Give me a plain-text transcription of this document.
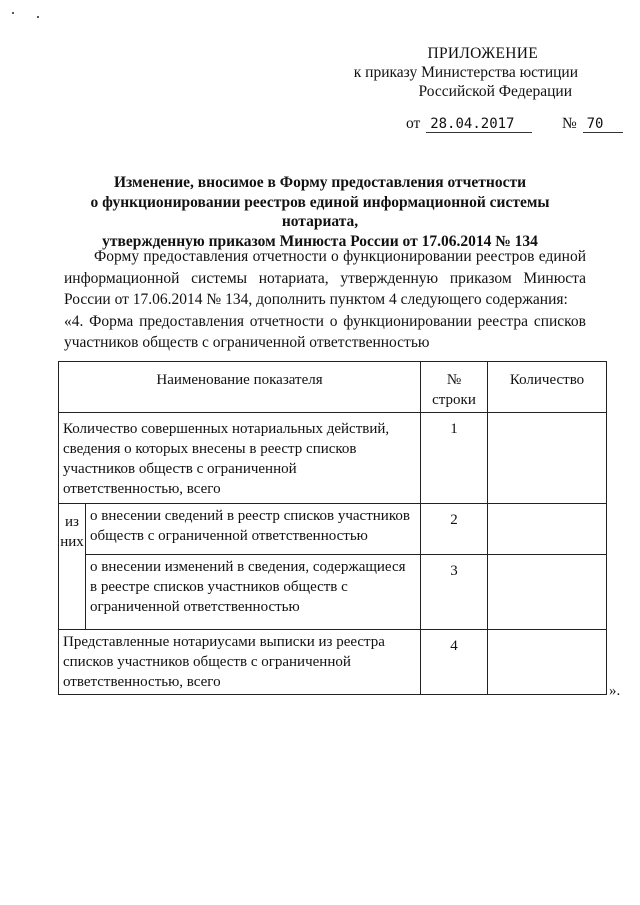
ПРИЛОЖЕНИЕ
к приказу Министерства юстиции
Российской Федерации
от 28.04.2017	№ 70
Изменение, вносимое в Форму предоставления отчетности
о функционировании реестров единой информационной системы нотариата,
утвержденную приказом Минюста России от 17.06.2014 № 134

Форму предоставления отчетности о функционировании реестров единой информационной системы нотариата, утвержденную приказом Минюста России от 17.06.2014 № 134, дополнить пунктом 4 следующего содержания:

«4. Форма предоставления отчетности о функционировании реестра списков участников обществ с ограниченной ответственностью

Наименование показателя		№ строки	Количество
Количество совершенных нотариальных действий, сведения о которых внесены в реестр списков участников обществ с ограниченной ответственностью, всего		1	
из них	о внесении сведений в реестр списков участников обществ с ограниченной ответственностью	2	
	о внесении изменений в сведения, содержащиеся в реестре списков участников обществ с ограниченной ответственностью	3	
Представленные нотариусами выписки из реестра списков участников обществ с ограниченной ответственностью, всего		4	
».
